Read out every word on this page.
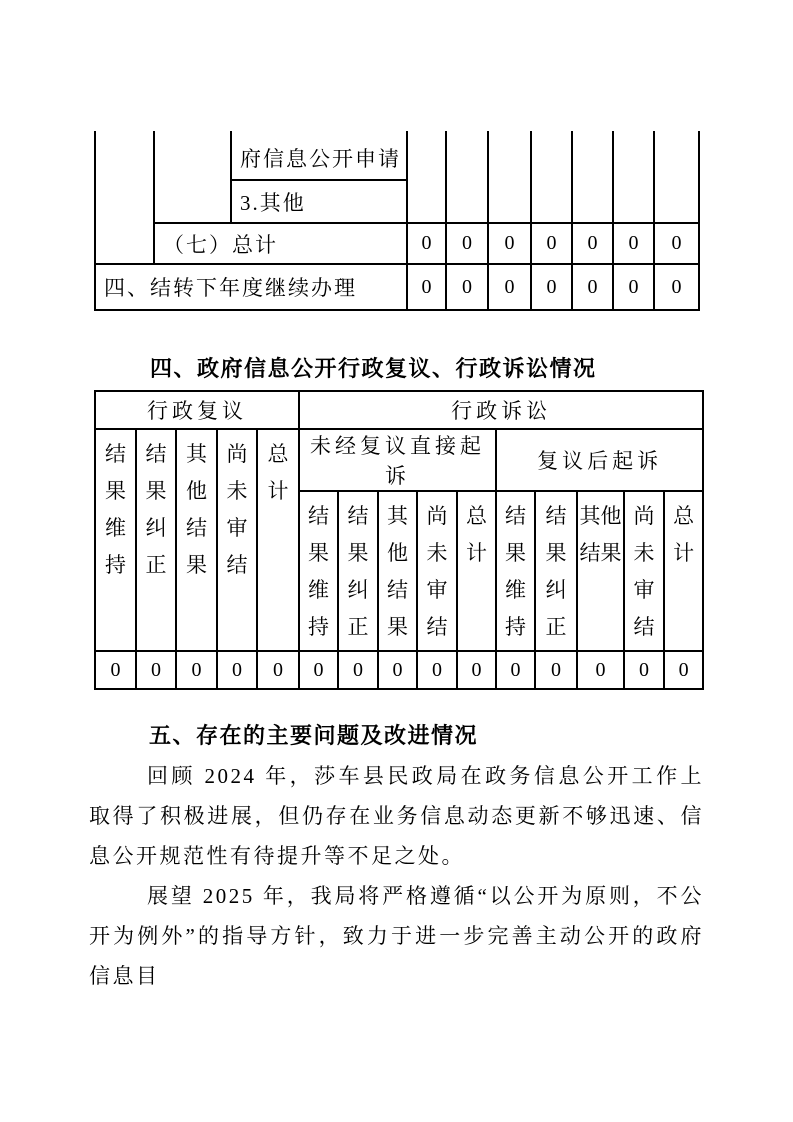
		府信息公开申请							
		3.其他							
	（七）总计		0	0	0	0	0	0	0
四、结转下年度继续办理			0	0	0	0	0	0	0
四、政府信息公开行政复议、行政诉讼情况
行政复议					行政诉讼									
结果维持	结果纠正	其他结果	尚未审结	总计	未经复议直接起诉					复议后起诉				
					结果维持	结果纠正	其他结果	尚未审结	总计	结果维持	结果纠正	其他结果	尚未审结	总计
0	0	0	0	0	0	0	0	0	0	0	0	0	0	0
五、存在的主要问题及改进情况

回顾 2024 年，莎车县民政局在政务信息公开工作上取得了积极进展，但仍存在业务信息动态更新不够迅速、信息公开规范性有待提升等不足之处。

展望 2025 年，我局将严格遵循“以公开为原则，不公开为例外”的指导方针，致力于进一步完善主动公开的政府信息目
